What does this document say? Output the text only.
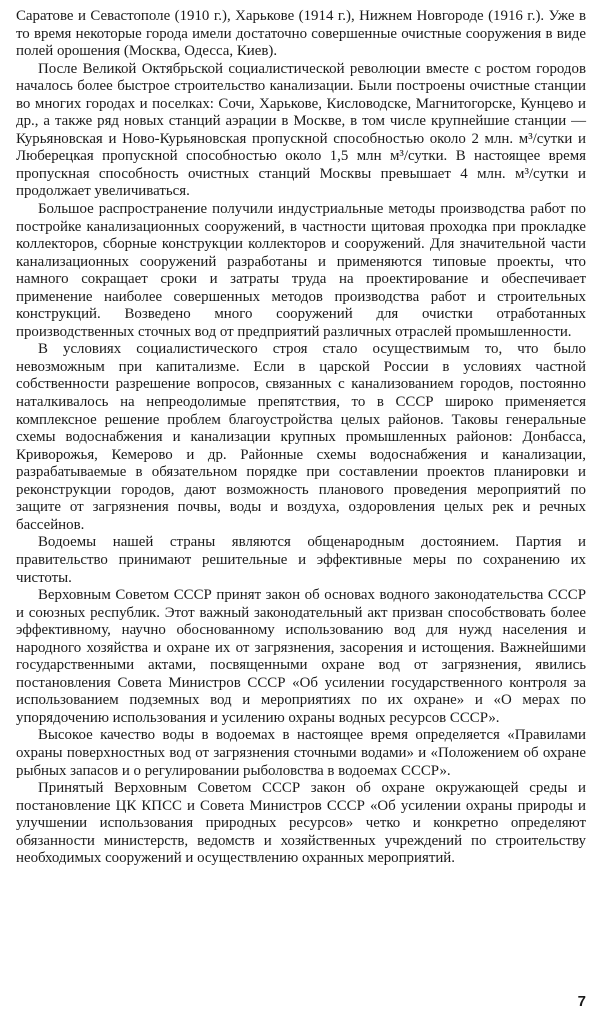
Саратове и Севастополе (1910 г.), Харькове (1914 г.), Нижнем Новгороде (1916 г.). Уже в то время некоторые города имели достаточно совершенные очистные сооружения в виде полей орошения (Москва, Одесса, Киев).

После Великой Октябрьской социалистической революции вместе с ростом городов началось более быстрое строительство канализации. Были построены очистные станции во многих городах и поселках: Сочи, Харькове, Кисловодске, Магнитогорске, Кунцево и др., а также ряд новых станций аэрации в Москве, в том числе крупнейшие станции — Курьяновская и Ново-Курьяновская пропускной способностью около 2 млн. м³/сутки и Люберецкая пропускной способностью около 1,5 млн м³/сутки. В настоящее время пропускная способность очистных станций Москвы превышает 4 млн. м³/сутки и продолжает увеличиваться.

Большое распространение получили индустриальные методы производства работ по постройке канализационных сооружений, в частности щитовая проходка при прокладке коллекторов, сборные конструкции коллекторов и сооружений. Для значительной части канализационных сооружений разработаны и применяются типовые проекты, что намного сокращает сроки и затраты труда на проектирование и обеспечивает применение наиболее совершенных методов производства работ и строительных конструкций. Возведено много сооружений для очистки отработанных производственных сточных вод от предприятий различных отраслей промышленности.

В условиях социалистического строя стало осуществимым то, что было невозможным при капитализме. Если в царской России в условиях частной собственности разрешение вопросов, связанных с канализованием городов, постоянно наталкивалось на непреодолимые препятствия, то в СССР широко применяется комплексное решение проблем благоустройства целых районов. Таковы генеральные схемы водоснабжения и канализации крупных промышленных районов: Донбасса, Криворожья, Кемерово и др. Районные схемы водоснабжения и канализации, разрабатываемые в обязательном порядке при составлении проектов планировки и реконструкции городов, дают возможность планового проведения мероприятий по защите от загрязнения почвы, воды и воздуха, оздоровления целых рек и речных бассейнов.

Водоемы нашей страны являются общенародным достоянием. Партия и правительство принимают решительные и эффективные меры по сохранению их чистоты.

Верховным Советом СССР принят закон об основах водного законодательства СССР и союзных республик. Этот важный законодательный акт призван способствовать более эффективному, научно обоснованному использованию вод для нужд населения и народного хозяйства и охране их от загрязнения, засорения и истощения. Важнейшими государственными актами, посвященными охране вод от загрязнения, явились постановления Совета Министров СССР «Об усилении государственного контроля за использованием подземных вод и мероприятиях по их охране» и «О мерах по упорядочению использования и усилению охраны водных ресурсов СССР».

Высокое качество воды в водоемах в настоящее время определяется «Правилами охраны поверхностных вод от загрязнения сточными водами» и «Положением об охране рыбных запасов и о регулировании рыболовства в водоемах СССР».

Принятый Верховным Советом СССР закон об охране окружающей среды и постановление ЦК КПСС и Совета Министров СССР «Об усилении охраны природы и улучшении использования природных ресурсов» четко и конкретно определяют обязанности министерств, ведомств и хозяйственных учреждений по строительству необходимых сооружений и осуществлению охранных мероприятий.

7
